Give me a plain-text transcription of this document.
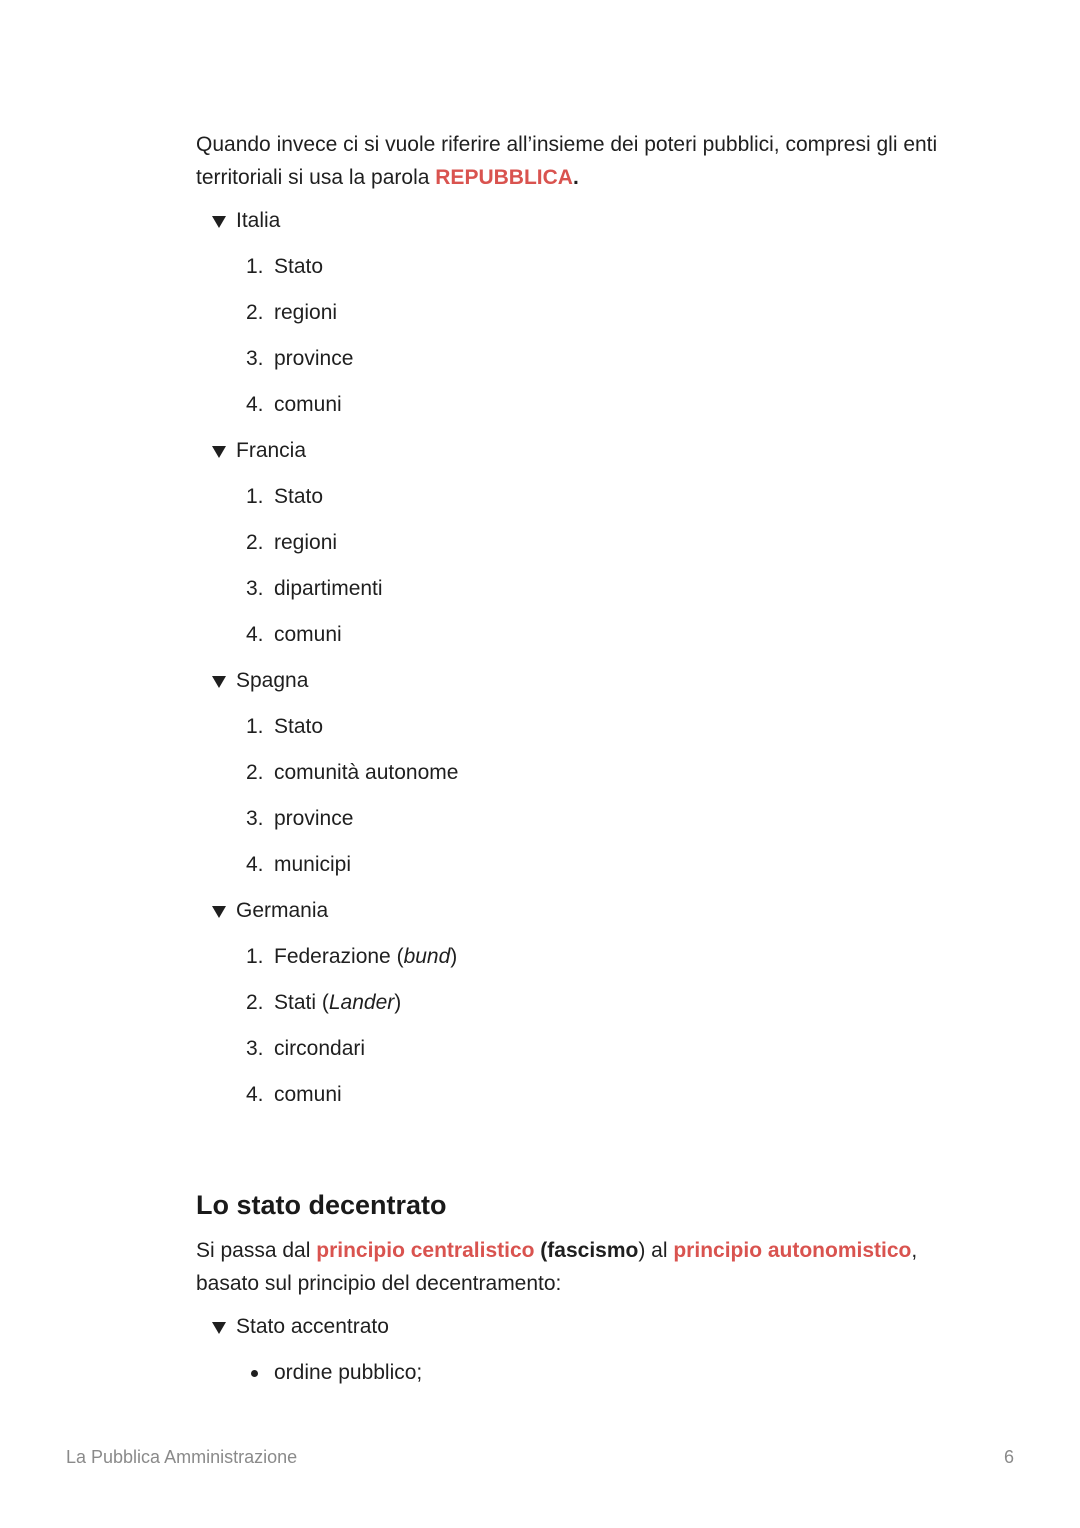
Quando invece ci si vuole riferire all’insieme dei poteri pubblici, compresi gli enti territoriali si usa la parola REPUBBLICA.

Italia
1. Stato
2. regioni
3. province
4. comuni
Francia
1. Stato
2. regioni
3. dipartimenti
4. comuni
Spagna
1. Stato
2. comunità autonome
3. province
4. municipi
Germania
1. Federazione ( bund )
2. Stati ( Lander )
3. circondari
4. comuni
Lo stato decentrato

Si passa dal principio centralistico (fascismo) al principio autonomistico, basato sul principio del decentramento:

Stato accentrato
ordine pubblico;
La Pubblica Amministrazione	6
